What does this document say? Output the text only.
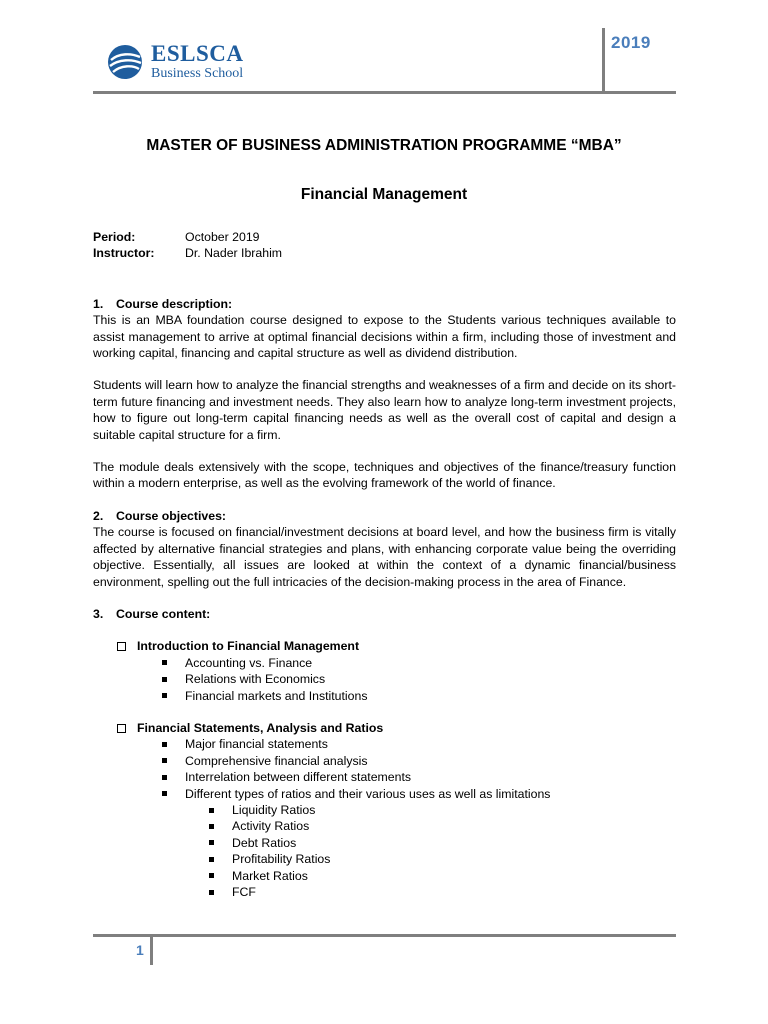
ESLSCA
Business School
2019
MASTER OF BUSINESS ADMINISTRATION PROGRAMME “MBA”
Financial Management
Period:	October 2019
Instructor:	Dr. Nader Ibrahim
1.	Course description:

This is an MBA foundation course designed to expose to the Students various techniques available to assist management to arrive at optimal financial decisions within a firm, including those of investment and working capital, financing and capital structure as well as dividend distribution.

Students will learn how to analyze the financial strengths and weaknesses of a firm and decide on its short-term future financing and investment needs. They also learn how to analyze long-term investment projects, how to figure out long-term capital financing needs as well as the overall cost of capital and design a suitable capital structure for a firm.

The module deals extensively with the scope, techniques and objectives of the finance/treasury function within a modern enterprise, as well as the evolving framework of the world of finance.

2.	Course objectives:

The course is focused on financial/investment decisions at board level, and how the business firm is vitally affected by alternative financial strategies and plans, with enhancing corporate value being the overriding objective. Essentially, all issues are looked at within the context of a dynamic financial/business environment, spelling out the full intricacies of the decision-making process in the area of Finance.

3.	Course content:
Introduction to Financial Management
Accounting vs. Finance
Relations with Economics
Financial markets and Institutions
Financial Statements, Analysis and Ratios
Major financial statements
Comprehensive financial analysis
Interrelation between different statements
Different types of ratios and their various uses as well as limitations
Liquidity Ratios
Activity Ratios
Debt Ratios
Profitability Ratios
Market Ratios
FCF
1
